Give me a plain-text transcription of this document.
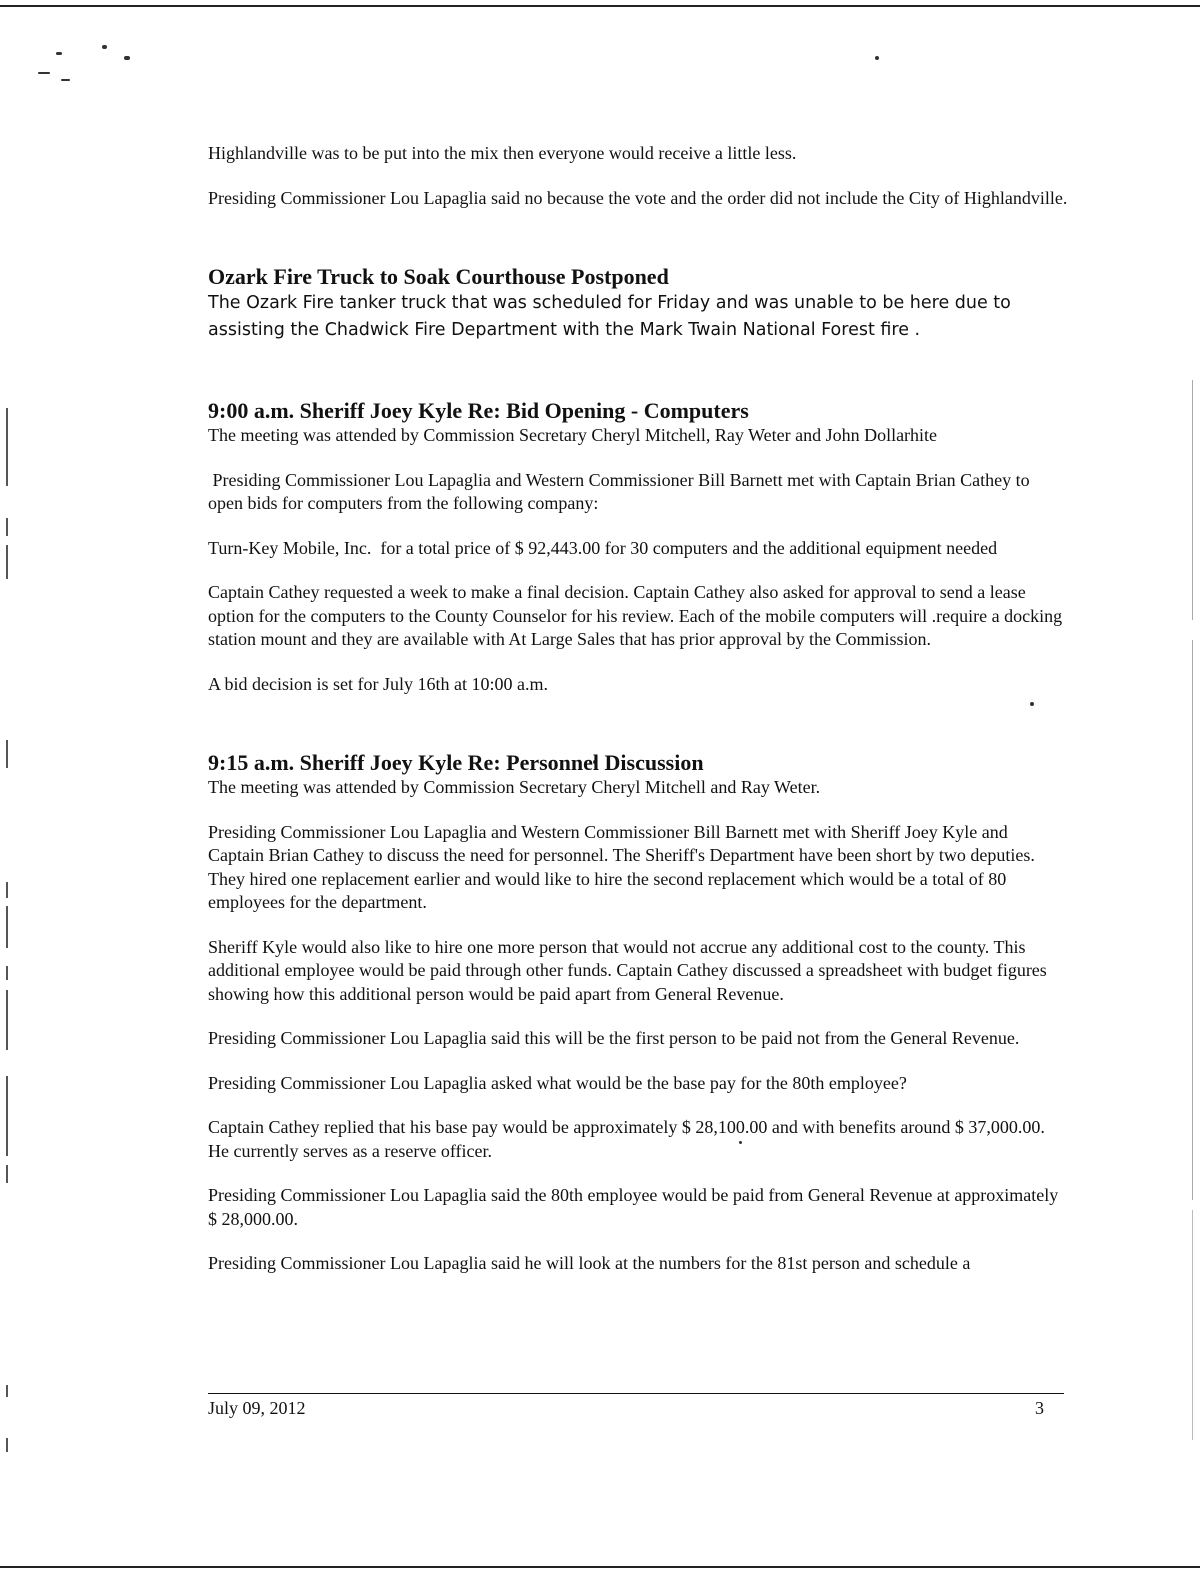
Highlandville was to be put into the mix then everyone would receive a little less.

Presiding Commissioner Lou Lapaglia said no because the vote and the order did not include the City of Highlandville.

Ozark Fire Truck to Soak Courthouse Postponed

The Ozark Fire tanker truck that was scheduled for Friday and was unable to be here due to assisting the Chadwick Fire Department with the Mark Twain National Forest fire .

9:00 a.m. Sheriff Joey Kyle Re: Bid Opening - Computers

The meeting was attended by Commission Secretary Cheryl Mitchell, Ray Weter and John Dollarhite

Presiding Commissioner Lou Lapaglia and Western Commissioner Bill Barnett met with Captain Brian Cathey to open bids for computers from the following company:

Turn-Key Mobile, Inc.  for a total price of $ 92,443.00 for 30 computers and the additional equipment needed

Captain Cathey requested a week to make a final decision. Captain Cathey also asked for approval to send a lease option for the computers to the County Counselor for his review. Each of the mobile computers will .require a docking station mount and they are available with At Large Sales that has prior approval by the Commission.

A bid decision is set for July 16th at 10:00 a.m.

9:15 a.m. Sheriff Joey Kyle Re: Personnel Discussion

The meeting was attended by Commission Secretary Cheryl Mitchell and Ray Weter.

Presiding Commissioner Lou Lapaglia and Western Commissioner Bill Barnett met with Sheriff Joey Kyle and Captain Brian Cathey to discuss the need for personnel. The Sheriff's Department have been short by two deputies. They hired one replacement earlier and would like to hire the second replacement which would be a total of 80 employees for the department.

Sheriff Kyle would also like to hire one more person that would not accrue any additional cost to the county. This additional employee would be paid through other funds. Captain Cathey discussed a spreadsheet with budget figures showing how this additional person would be paid apart from General Revenue.

Presiding Commissioner Lou Lapaglia said this will be the first person to be paid not from the General Revenue.

Presiding Commissioner Lou Lapaglia asked what would be the base pay for the 80th employee?

Captain Cathey replied that his base pay would be approximately $ 28,100.00 and with benefits around $ 37,000.00. He currently serves as a reserve officer.

Presiding Commissioner Lou Lapaglia said the 80th employee would be paid from General Revenue at approximately $ 28,000.00.

Presiding Commissioner Lou Lapaglia said he will look at the numbers for the 81st person and schedule a

July 09, 2012	3
